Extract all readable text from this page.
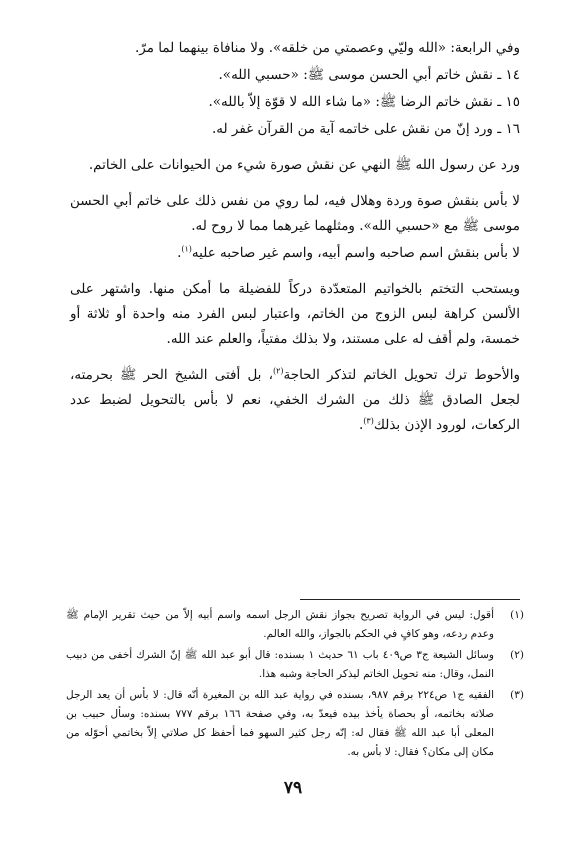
وفي الرابعة: «الله وليّي وعصمتي من خلقه». ولا منافاة بينهما لما مرّ.

١٤ ـ نقش خاتم أبي الحسن موسى ﷺ: «حسبي الله».

١٥ ـ نقش خاتم الرضا ﷺ: «ما شاء الله لا قوّة إلاّ بالله».

١٦ ـ ورد إنّ من نقش على خاتمه آية من القرآن غفر له.

ورد عن رسول الله ﷺ النهي عن نقش صورة شيء من الحيوانات على الخاتم.

لا بأس بنقش صوة وردة وهلال فيه، لما روي من نفس ذلك على خاتم أبي الحسن موسى ﷺ مع «حسبي الله». ومثلهما غيرهما مما لا روح له.

لا بأس بنقش اسم صاحبه واسم أبيه، واسم غير صاحبه عليه$^{(١)}$.

ويستحب التختم بالخواتيم المتعدّدة دركاً للفضيلة ما أمكن منها. واشتهر على الألسن كراهة لبس الزوج من الخاتم، واعتبار لبس الفرد منه واحدة أو ثلاثة أو خمسة، ولم أقف له على مستند، ولا بذلك مفتياً، والعلم عند الله.

والأحوط ترك تحويل الخاتم لتذكر الحاجة$^{(٢)}$، بل أفتى الشيخ الحر ﷺ بحرمته، لجعل الصادق ﷺ ذلك من الشرك الخفي، نعم لا بأس بالتحويل لضبط عدد الركعات، لورود الإذن بذلك$^{(٣)}$.

(١)
أقول: ليس في الرواية تصريح بجواز نقش الرجل اسمه واسم أبيه إلاّ من حيث تقرير الإمام ﷺ وعدم ردعه، وهو كافٍ في الحكم بالجواز، والله العالم.

(٢)
وسائل الشيعة ج٣ ص٤٠٩ باب ٦١ حديث ١ بسنده: قال أبو عبد الله ﷺ إنّ الشرك أخفى من دبيب النمل، وقال: منه تحويل الخاتم ليذكر الحاجة وشبه هذا.

(٣)
الفقيه ج١ ص٢٢٤ برقم ٩٨٧، بسنده في رواية عبد الله بن المغيرة أنّه قال: لا بأس أن يعد الرجل صلاته بخاتمه، أو بحصاة يأخذ بيده فيعدّ به، وفي صفحة ١٦٦ برقم ٧٧٧ بسنده: وسأل حبيب بن المعلى أبا عبد الله ﷺ فقال له: إنّه رجل كثير السهو فما أحفظ كل صلاتي إلاّ بخاتمي أحوّله من مكان إلى مكان؟ فقال: لا بأس به.

٧٩
